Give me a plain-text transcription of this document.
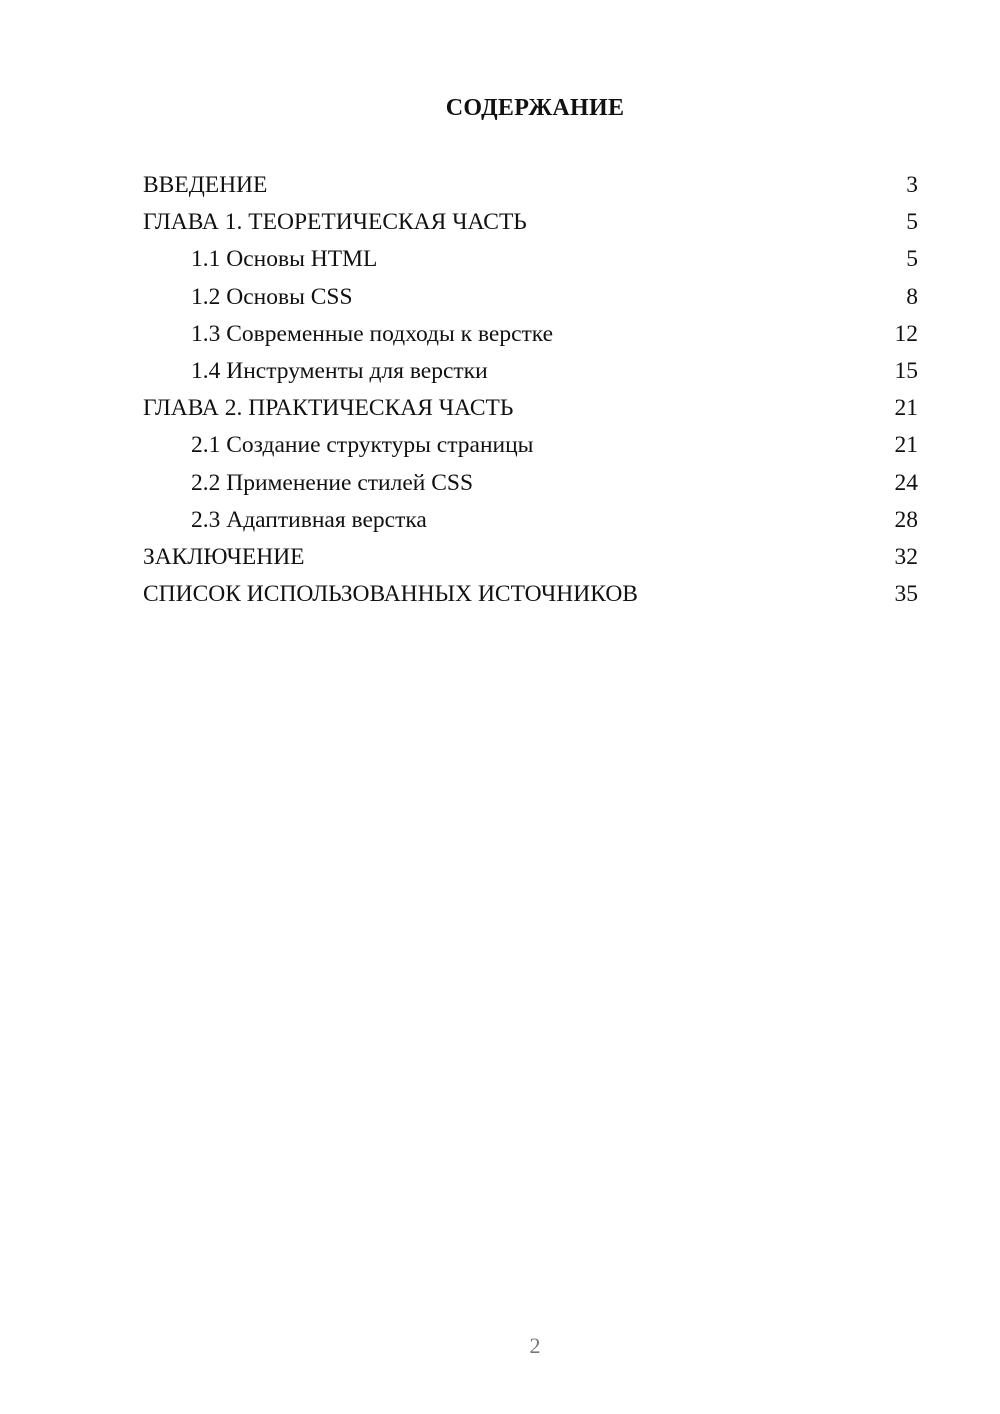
СОДЕРЖАНИЕ
ВВЕДЕНИЕ	3
ГЛАВА 1. ТЕОРЕТИЧЕСКАЯ ЧАСТЬ	5
1.1 Основы HTML	5
1.2 Основы CSS	8
1.3 Современные подходы к верстке	12
1.4 Инструменты для верстки	15
ГЛАВА 2. ПРАКТИЧЕСКАЯ ЧАСТЬ	21
2.1 Создание структуры страницы	21
2.2 Применение стилей CSS	24
2.3 Адаптивная верстка	28
ЗАКЛЮЧЕНИЕ	32
СПИСОК ИСПОЛЬЗОВАННЫХ ИСТОЧНИКОВ	35
2
